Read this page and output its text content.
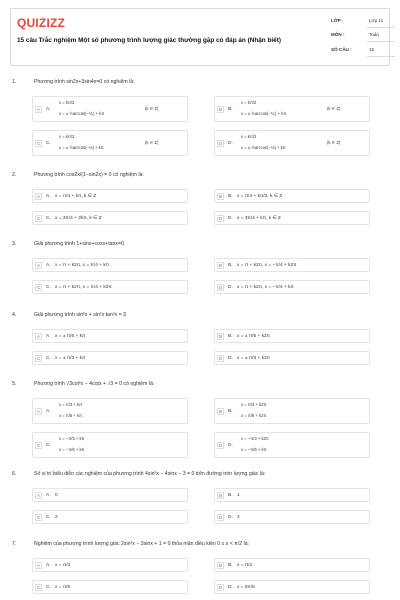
QUIZIZZ
15 câu Trắc nghiệm Một số phương trình lượng giác thường gặp có đáp án (Nhận biết)
LỚP :	Lớp 11
MÔN :	Toán
SỐ CÂU :	15
1.	Phương trình sin2x+3sin4x=0 có nghiệm là:
A A.
x = kπ/2
x = ± ½arccos(−⅙) + kπ
(k ∈ Z)	B B.
x = kπ/2
x = ± ½arccos(−⅙) + kπ
(k ∈ Z)
C C.
x = kπ/2
x = ± ½arccos(−⅓) + kπ
(k ∈ Z)	D D.
x = kπ/2
x = ± ½arccos(−⅓) + kπ
(k ∈ Z)
2.	Phương trình cos2x/(1−sin2x) = 0 có nghiệm là:
A A. x = π/4 + kπ, k ∈ Z	B B. x = π/4 + kπ/2, k ∈ Z
C C. x = 3π/4 + 2kπ, k ∈ Z	D D. x = 3π/4 + kπ, k ∈ Z
3.	Giải phương trình 1+sinx+cosx+tanx=0.
A A. x = π + k2π, x = π/4 + kπ	B B. x = π + k2π, x = −π/4 + k2π
C C. x = π + k2π, x = π/4 + k2π	D D. x = π + k2π, x = −π/4 + kπ
4.	Giải phương trình sin²x + sin²x tan²x = 3
A A. x = ± π/6 + kπ	B B. x = ± π/6 + k2π
C C. x = ± π/3 + kπ	D D. x = ± π/3 + k2π
5.	Phương trình √3cot²x − 4cotx + √3 = 0 có nghiệm là:
A A.
x = π/3 + kπ
x = π/6 + kπ
B B.
x = π/3 + k2π
x = π/6 + k2π
C C.
x = −π/3 + kπ
x = −π/6 + kπ
D D.
x = −π/3 + k2π
x = −π/6 + kπ
6.	Số vị trí biểu diễn các nghiệm của phương trình 4sin²x − 4sinx − 3 = 0 trên đường tròn lượng giác là:
A A. 0	B B. 1
C C. 2	D D. 4
7.	Nghiệm của phương trình lượng giác 2sin²x − 3sinx + 1 = 0 thỏa mãn điều kiện 0 ≤ x < π/2 là:
A A. x = π/3	B B. x = π/2
C C. x = π/6	D D. x = 5π/6
